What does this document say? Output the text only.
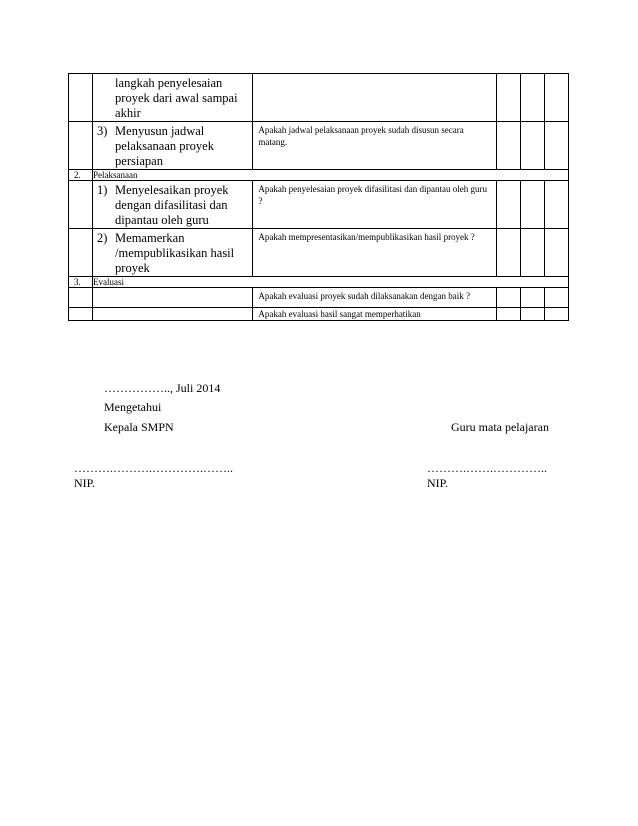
	langkah penyelesaian proyek dari awal sampai akhir				

	3) Menyusun jadwal pelaksanaan proyek persiapan	Apakah jadwal pelaksanaan proyek sudah disusun secara matang.			

2.	Pelaksanaan				

	1) Menyelesaikan proyek dengan difasilitasi dan dipantau oleh guru	Apakah penyelesaian proyek difasilitasi dan dipantau oleh guru ?			

	2) Memamerkan /mempublikasikan hasil proyek	Apakah mempresentasikan/mempublikasikan hasil proyek ?			

3.	Evaluasi				

		Apakah evaluasi proyek sudah dilaksanakan dengan baik ?			

		Apakah evaluasi hasil sangat memperhatikan			

…………….., Juli 2014
Mengetahui
Kepala SMPN	Guru mata pelajaran
……….……….………….……..	……….…….…………..
NIP.	NIP.
